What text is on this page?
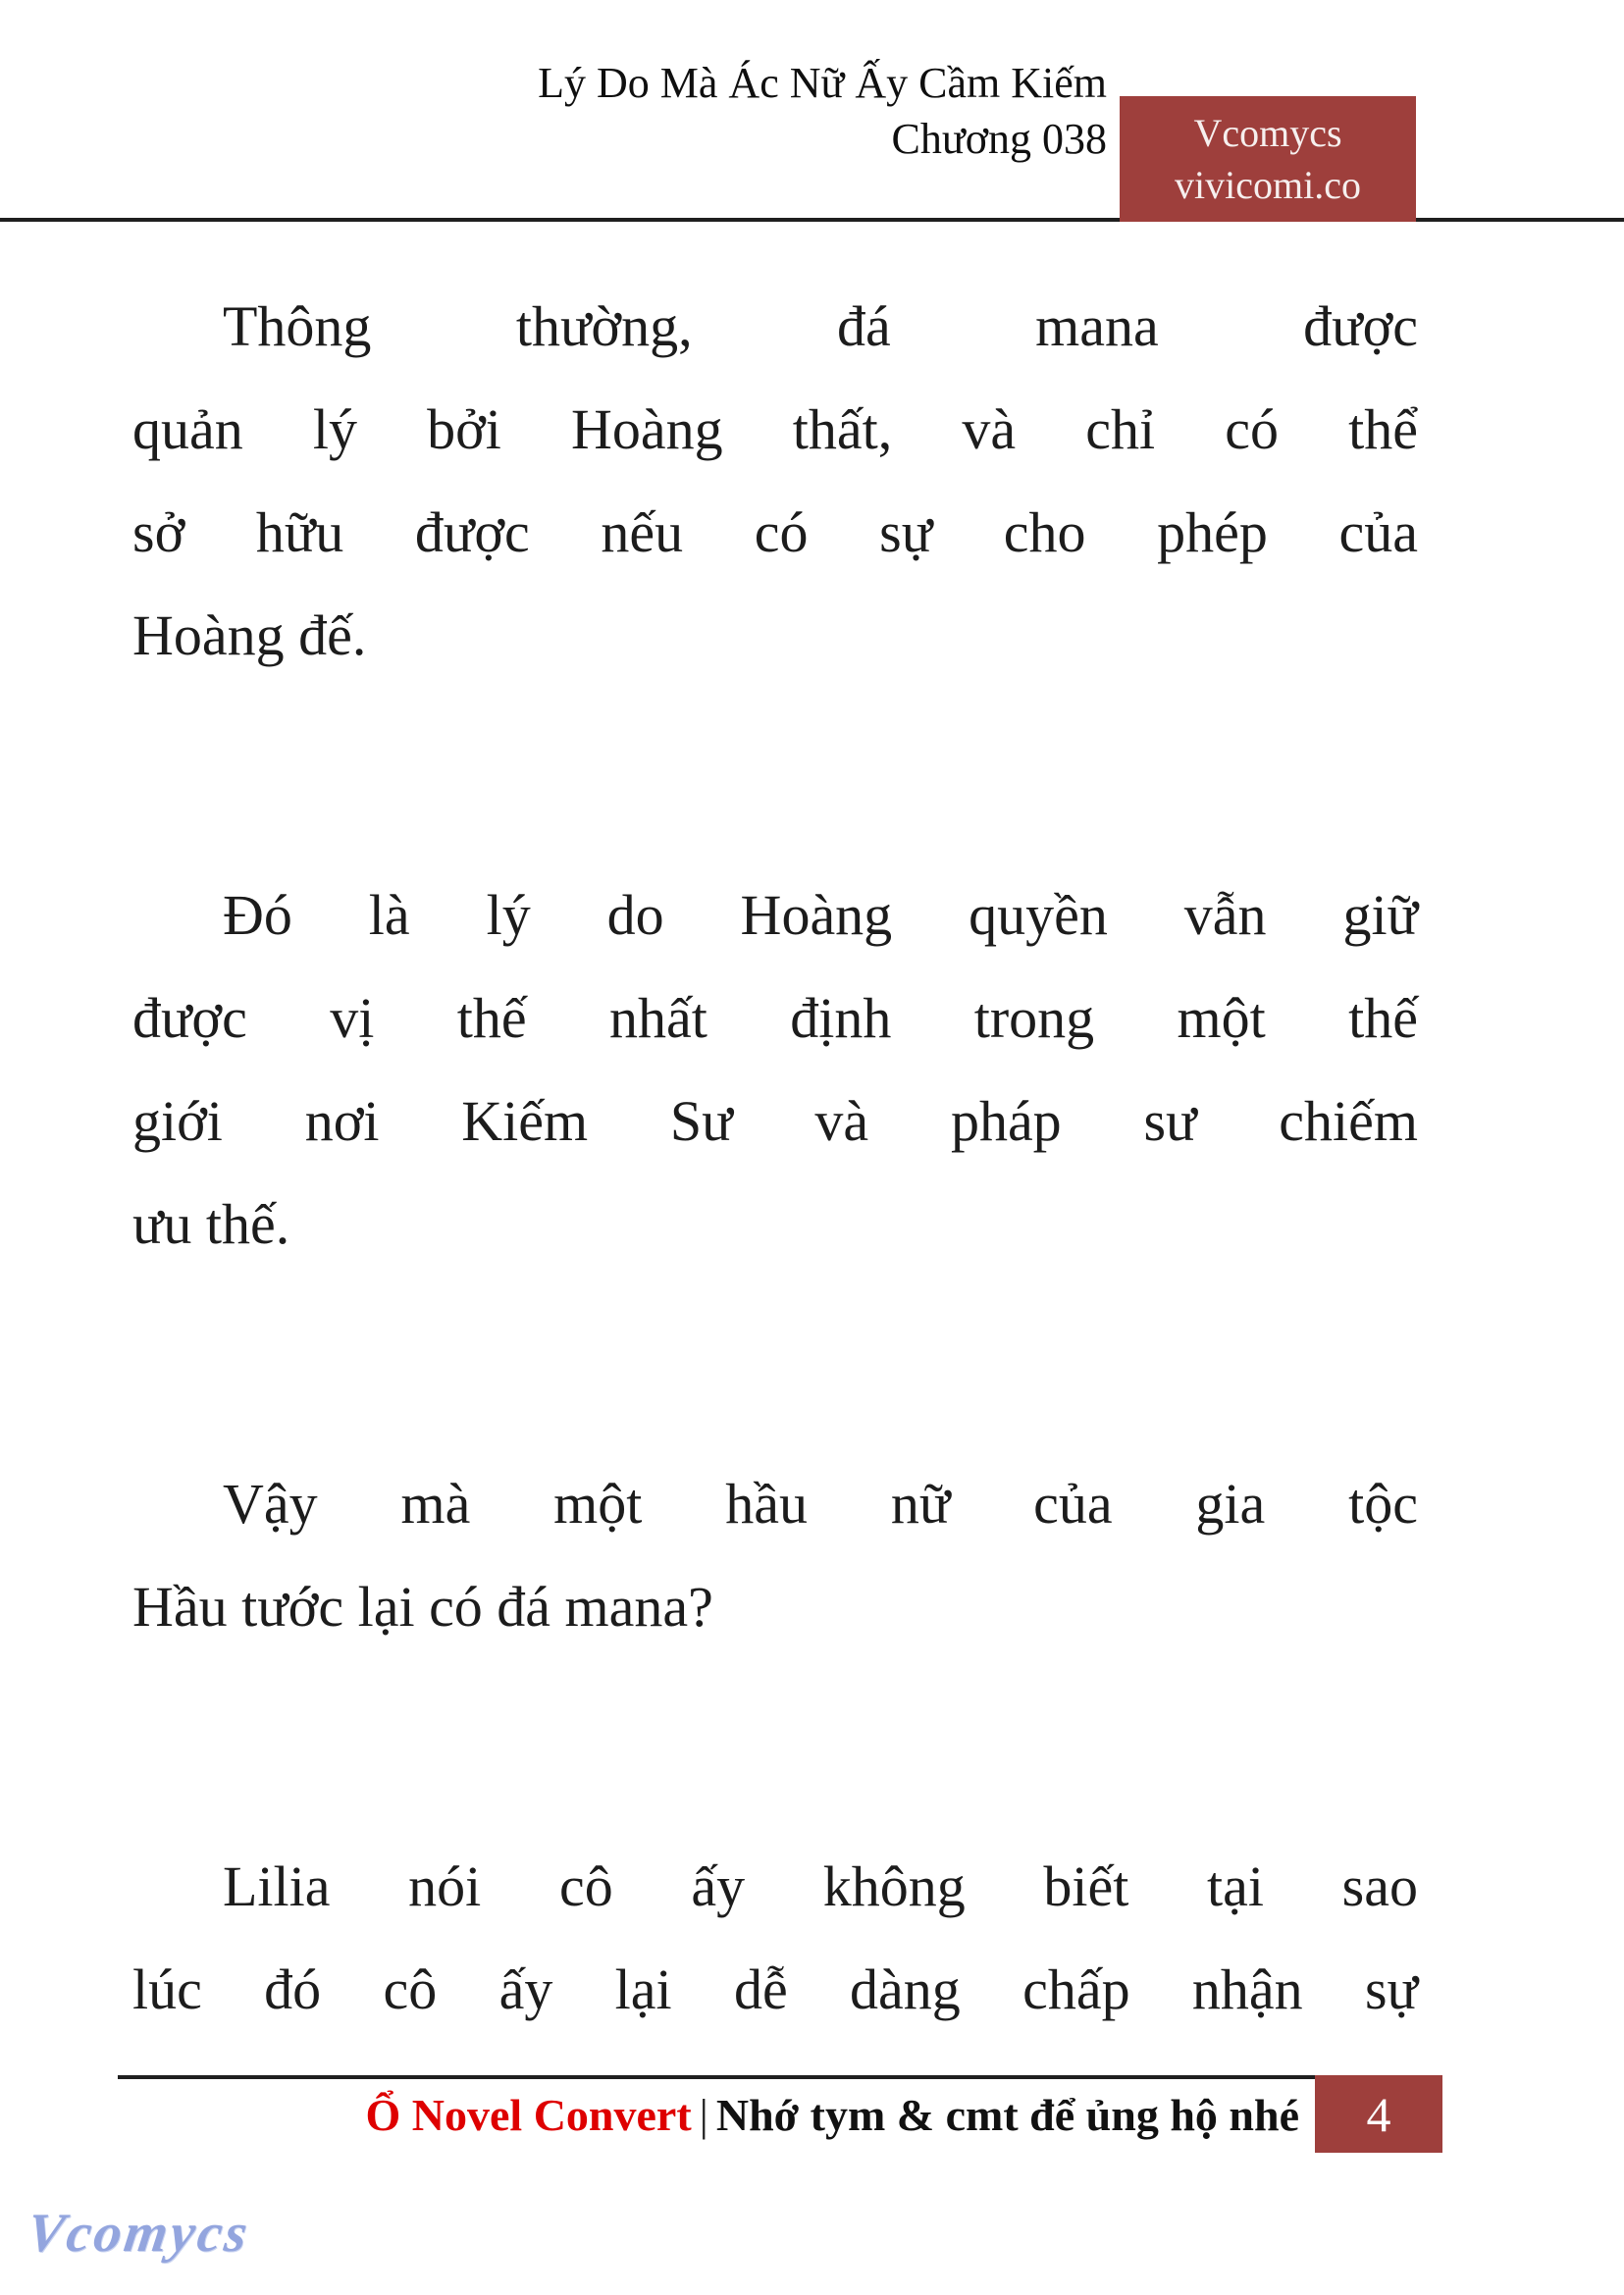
Lý Do Mà Ác Nữ Ấy Cầm Kiếm
Chương 038 Vcomycs
vivicomi.co

Thông thường, đá mana được
quản lý bởi Hoàng thất, và chỉ có thể
sở hữu được nếu có sự cho phép của
Hoàng đế.

Đó là lý do Hoàng quyền vẫn giữ
được vị thế nhất định trong một thế
giới nơi Kiếm Sư và pháp sư chiếm
ưu thế.

Vậy mà một hầu nữ của gia tộc
Hầu tước lại có đá mana?

Lilia nói cô ấy không biết tại sao
lúc đó cô ấy lại dễ dàng chấp nhận sự

Ổ Novel Convert | Nhớ tym & cmt để ủng hộ nhé	4
Vcomycs
